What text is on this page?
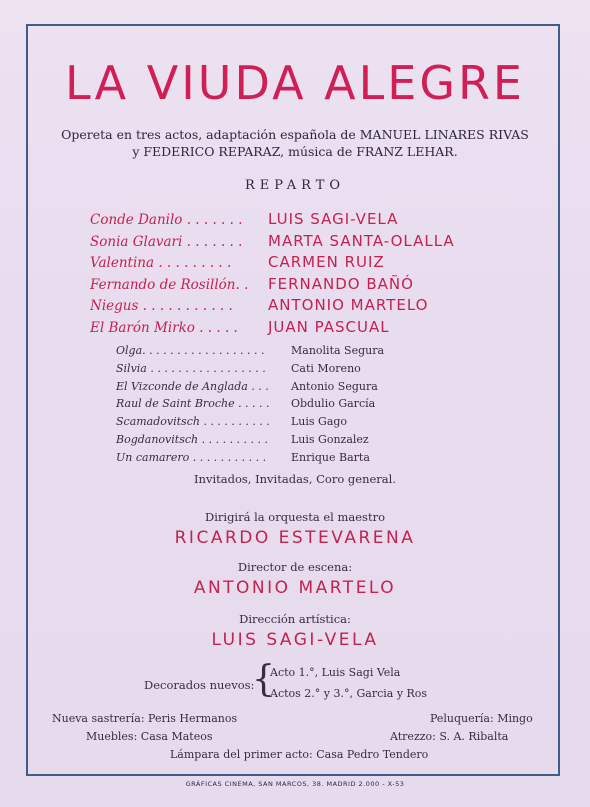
LA VIUDA ALEGRE
Opereta en tres actos, adaptación española de MANUEL LINARES RIVAS y FEDERICO REPARAZ, música de FRANZ LEHAR.
REPARTO
Conde Danilo . . . . . . .	LUIS SAGI-VELA
Sonia Glavari . . . . . . .	MARTA SANTA-OLALLA
Valentina . . . . . . . . .	CARMEN RUIZ
Fernando de Rosillón. .	FERNANDO BAÑÓ
Niegus . . . . . . . . . . .	ANTONIO MARTELO
El Barón Mirko . . . . .	JUAN PASCUAL
Olga. . . . . . . . . . . . . . . . . .	Manolita Segura
Silvia . . . . . . . . . . . . . . . . .	Cati Moreno
El Vizconde de Anglada . . .	Antonio Segura
Raul de Saint Broche . . . . .	Obdulio García
Scamadovitsch . . . . . . . . . .	Luis Gago
Bogdanovitsch . . . . . . . . . .	Luis Gonzalez
Un camarero . . . . . . . . . . .	Enrique Barta
Invitados, Invitadas, Coro general.
Dirigirá la orquesta el maestro
RICARDO ESTEVARENA
Director de escena:
ANTONIO MARTELO
Dirección artística:
LUIS SAGI-VELA
Decorados nuevos:
{
Acto 1.°, Luis Sagi Vela
Actos 2.° y 3.°, Garcia y Ros
Nueva sastrería: Peris Hermanos	Peluquería: Mingo
Muebles: Casa Mateos	Atrezzo: S. A. Ribalta
Lámpara del primer acto: Casa Pedro Tendero
GRÁFICAS CINEMA, SAN MARCOS, 38. MADRID 2.000 - X-53
